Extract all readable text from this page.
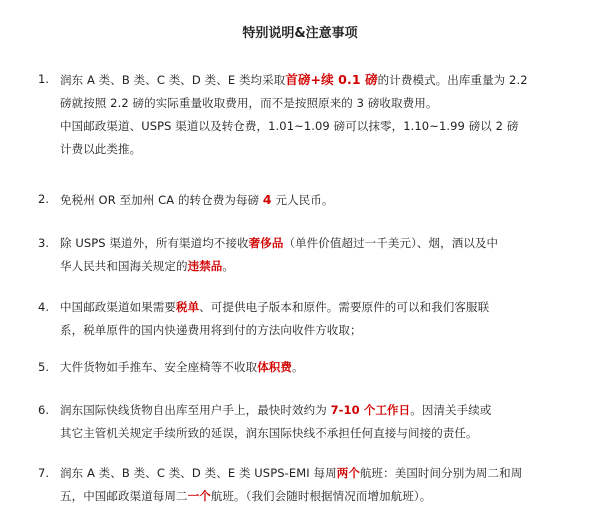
特别说明&注意事项
1. 润东 A 类、B 类、C 类、D 类、E 类均采取首磅+续 0.1 磅的计费模式。出库重量为 2.2
磅就按照 2.2 磅的实际重量收取费用，而不是按照原来的 3 磅收取费用。
中国邮政渠道、USPS 渠道以及转仓费，1.01~1.09 磅可以抹零，1.10~1.99 磅以 2 磅
计费以此类推。
2. 免税州 OR 至加州 CA 的转仓费为每磅 4 元人民币。
3. 除 USPS 渠道外，所有渠道均不接收奢侈品（单件价值超过一千美元）、烟，酒以及中
华人民共和国海关规定的违禁品。
4. 中国邮政渠道如果需要税单、可提供电子版本和原件。需要原件的可以和我们客服联
系，税单原件的国内快递费用将到付的方法向收件方收取；
5. 大件货物如手推车、安全座椅等不收取体积费。
6. 润东国际快线货物自出库至用户手上，最快时效约为 7-10 个工作日。因清关手续或
其它主管机关规定手续所致的延误，润东国际快线不承担任何直接与间接的责任。
7. 润东 A 类、B 类、C 类、D 类、E 类 USPS-EMI 每周两个航班：美国时间分别为周二和周
五，中国邮政渠道每周二一个航班。（我们会随时根据情况而增加航班）。
